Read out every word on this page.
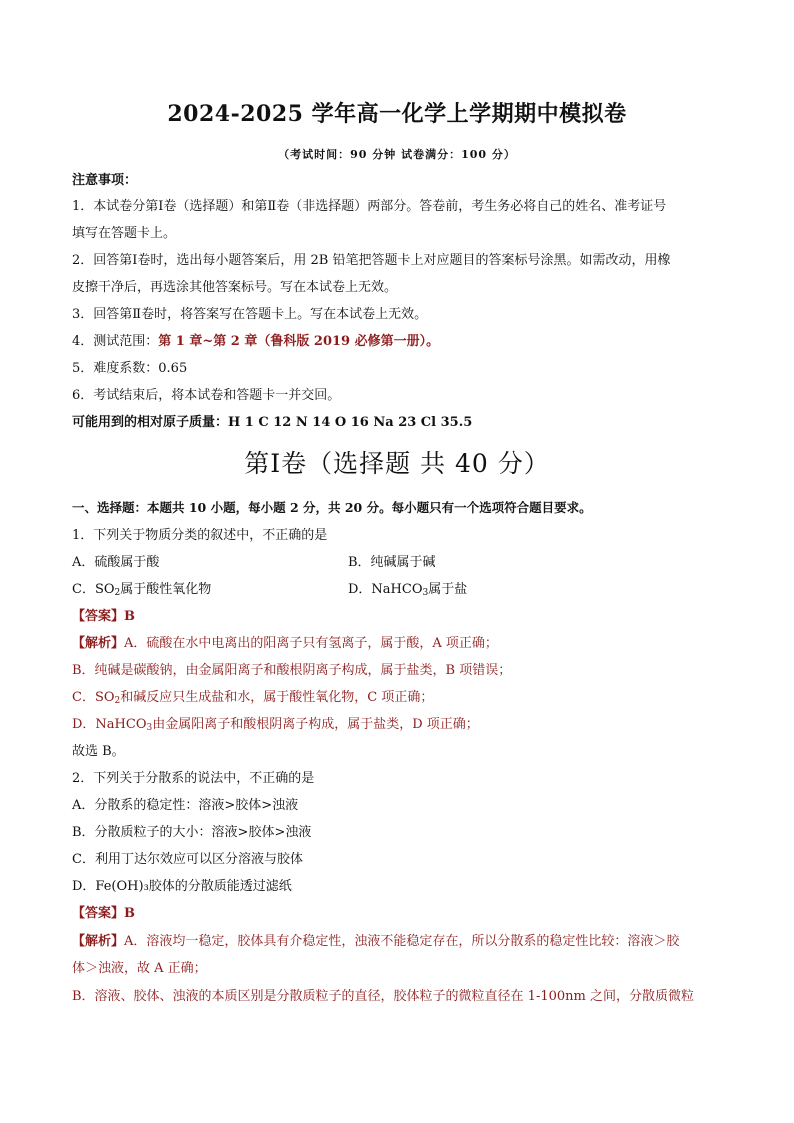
2024-2025 学年高一化学上学期期中模拟卷
（考试时间：90 分钟 试卷满分：100 分）
注意事项：
1．本试卷分第Ⅰ卷（选择题）和第Ⅱ卷（非选择题）两部分。答卷前，考生务必将自己的姓名、准考证号
填写在答题卡上。
2．回答第Ⅰ卷时，选出每小题答案后，用 2B 铅笔把答题卡上对应题目的答案标号涂黑。如需改动，用橡
皮擦干净后，再选涂其他答案标号。写在本试卷上无效。
3．回答第Ⅱ卷时，将答案写在答题卡上。写在本试卷上无效。
4．测试范围：第 1 章~第 2 章（鲁科版 2019 必修第一册）。
5．难度系数：0.65
6．考试结束后，将本试卷和答题卡一并交回。
可能用到的相对原子质量：H 1 C 12 N 14 O 16 Na 23 Cl 35.5
第Ⅰ卷（选择题 共 40 分）
一、选择题：本题共 10 小题，每小题 2 分，共 20 分。每小题只有一个选项符合题目要求。
1．下列关于物质分类的叙述中，不正确的是
A．硫酸属于酸	B．纯碱属于碱
C．$SO_2$属于酸性氧化物	D．NaHCO$_3$属于盐
【答案】B
【解析】A．硫酸在水中电离出的阳离子只有氢离子，属于酸，A 项正确；
B．纯碱是碳酸钠，由金属阳离子和酸根阴离子构成，属于盐类，B 项错误；
C．$SO_2$和碱反应只生成盐和水，属于酸性氧化物，C 项正确；
D．NaHCO$_3$由金属阳离子和酸根阴离子构成，属于盐类，D 项正确；
故选 B。
2．下列关于分散系的说法中，不正确的是
A．分散系的稳定性：溶液>胶体>浊液
B．分散质粒子的大小：溶液>胶体>浊液
C．利用丁达尔效应可以区分溶液与胶体
D．Fe(OH)₃胶体的分散质能透过滤纸
【答案】B
【解析】A．溶液均一稳定，胶体具有介稳定性，浊液不能稳定存在，所以分散系的稳定性比较：溶液＞胶
体＞浊液，故 A 正确；
B．溶液、胶体、浊液的本质区别是分散质粒子的直径，胶体粒子的微粒直径在 1-100nm 之间，分散质微粒
